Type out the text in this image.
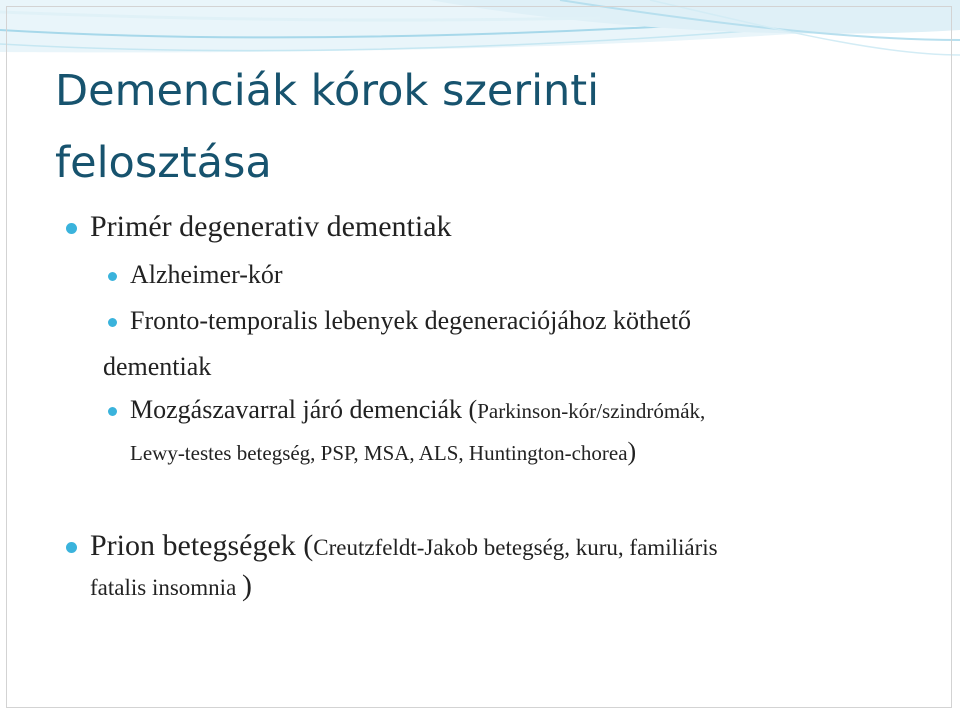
Demenciák kórok szerinti
felosztása

Primér degenerativ dementiak

Alzheimer-kór

Fronto-temporalis lebenyek degeneraciójához köthető

dementiak

Mozgászavarral járó demenciák (Parkinson-kór/szindrómák,

Lewy-testes betegség, PSP, MSA, ALS, Huntington-chorea)

Prion betegségek (Creutzfeldt-Jakob betegség, kuru, familiáris

fatalis insomnia )
